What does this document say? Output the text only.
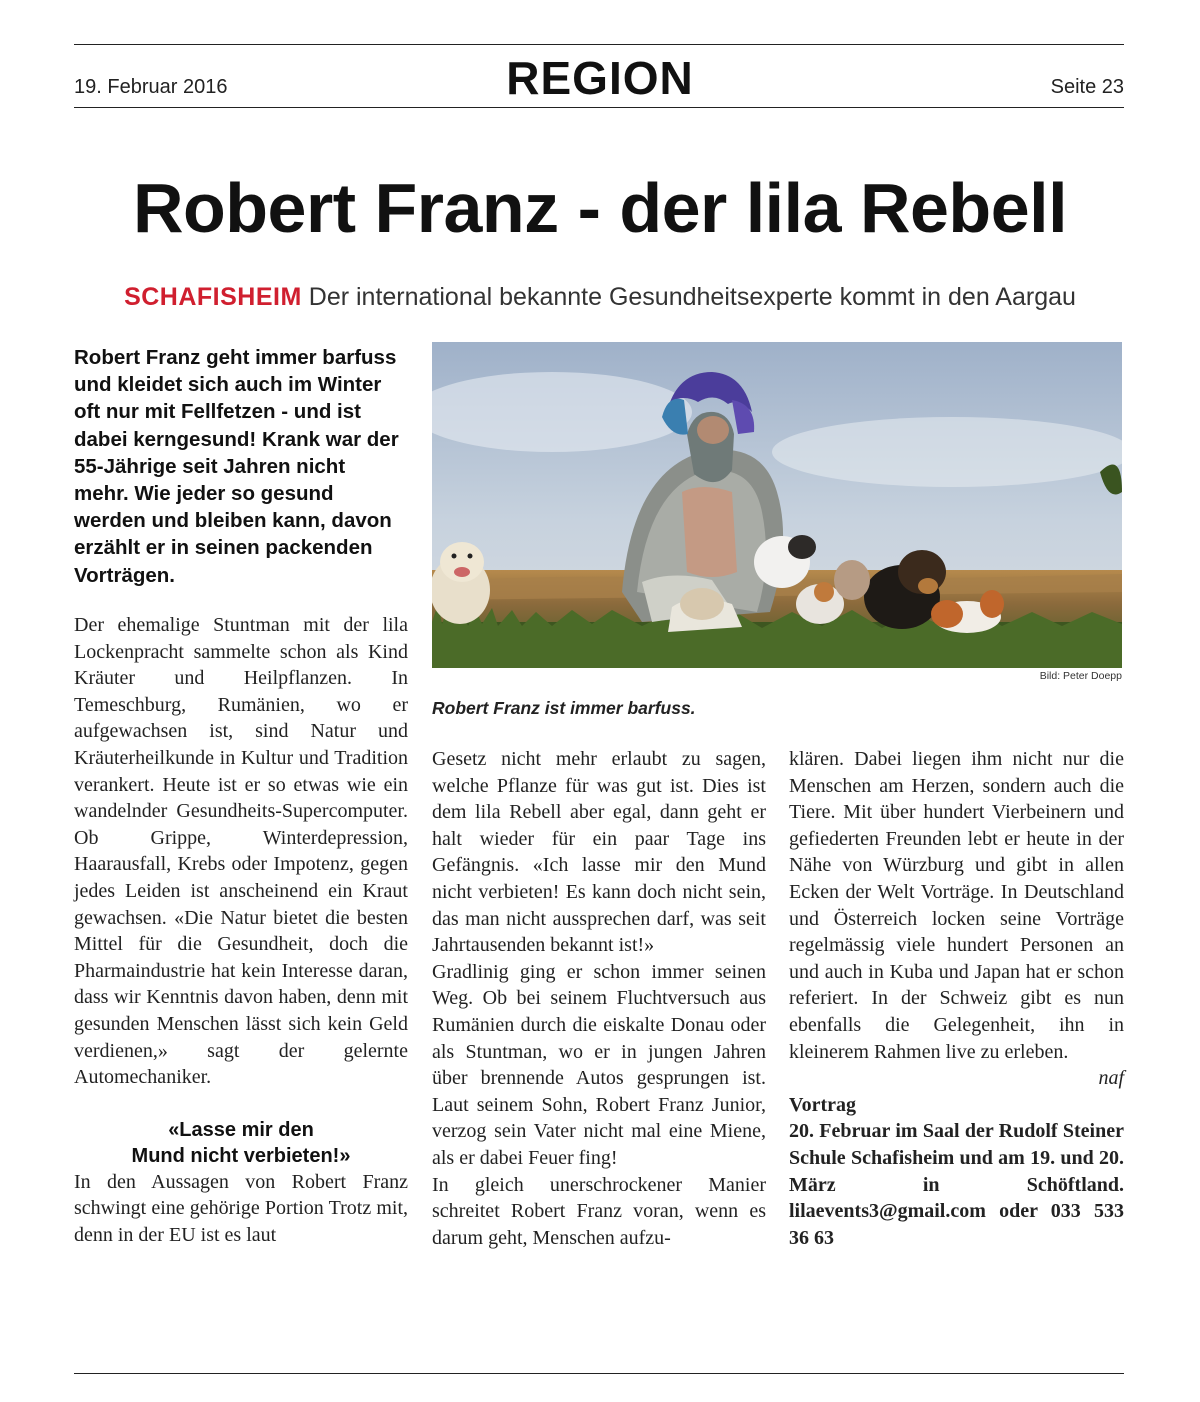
19. Februar 2016	REGION	Seite 23
Robert Franz - der lila Rebell
SCHAFISHEIM Der international bekannte Gesundheitsexperte kommt in den Aargau
Robert Franz geht immer barfuss und kleidet sich auch im Winter oft nur mit Fellfetzen - und ist dabei kerngesund! Krank war der 55-Jährige seit Jahren nicht mehr. Wie jeder so gesund werden und bleiben kann, davon erzählt er in seinen packenden Vorträgen.

Der ehemalige Stuntman mit der lila Lockenpracht sammelte schon als Kind Kräuter und Heilpflanzen. In Temeschburg, Rumänien, wo er aufgewachsen ist, sind Natur und Kräuterheilkunde in Kultur und Tradition verankert. Heute ist er so etwas wie ein wandelnder Gesundheits-Supercomputer. Ob Grippe, Winterdepression, Haarausfall, Krebs oder Impotenz, gegen jedes Leiden ist anscheinend ein Kraut gewachsen. «Die Natur bietet die besten Mittel für die Gesundheit, doch die Pharmaindustrie hat kein Interesse daran, dass wir Kenntnis davon haben, denn mit gesunden Menschen lässt sich kein Geld verdienen,» sagt der gelernte Automechaniker.

«Lasse mir den
Mund nicht verbieten!»

In den Aussagen von Robert Franz schwingt eine gehörige Portion Trotz mit, denn in der EU ist es laut

Bild: Peter Doepp
Robert Franz ist immer barfuss.

Gesetz nicht mehr erlaubt zu sagen, welche Pflanze für was gut ist. Dies ist dem lila Rebell aber egal, dann geht er halt wieder für ein paar Tage ins Gefängnis. «Ich lasse mir den Mund nicht verbieten! Es kann doch nicht sein, das man nicht aussprechen darf, was seit Jahrtausenden bekannt ist!»

Gradlinig ging er schon immer seinen Weg. Ob bei seinem Fluchtversuch aus Rumänien durch die eiskalte Donau oder als Stuntman, wo er in jungen Jahren über brennende Autos gesprungen ist. Laut seinem Sohn, Robert Franz Junior, verzog sein Vater nicht mal eine Miene, als er dabei Feuer fing!

In gleich unerschrockener Manier schreitet Robert Franz voran, wenn es darum geht, Menschen aufzu-

klären. Dabei liegen ihm nicht nur die Menschen am Herzen, sondern auch die Tiere. Mit über hundert Vierbeinern und gefiederten Freunden lebt er heute in der Nähe von Würzburg und gibt in allen Ecken der Welt Vorträge. In Deutschland und Österreich locken seine Vorträge regelmässig viele hundert Personen an und auch in Kuba und Japan hat er schon referiert. In der Schweiz gibt es nun ebenfalls die Gelegenheit, ihn in kleinerem Rahmen live zu erleben.

naf

Vortrag

20. Februar im Saal der Rudolf Steiner Schule Schafisheim und am 19. und 20. März in Schöftland. lilaevents3@gmail.com oder 033 533 36 63
